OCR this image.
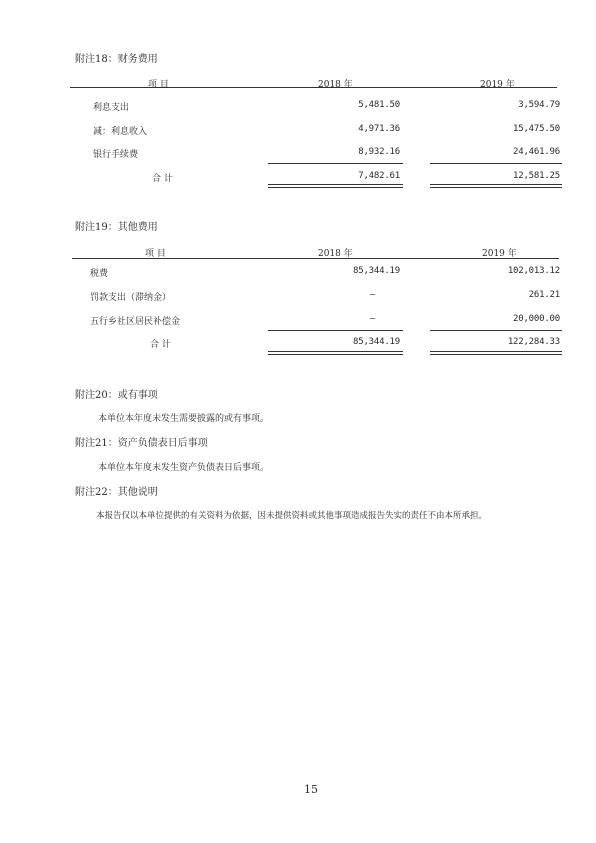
附注18：财务费用
项 目	2018 年	2019 年
利息支出	5,481.50	3,594.79
减：利息收入	4,971.36	15,475.50
银行手续费	8,932.16	24,461.96
合 计	7,482.61	12,581.25
附注19：其他费用
项 目	2018 年	2019 年
税费	85,344.19	102,013.12
罚款支出（滞纳金）	–	261.21
五行乡社区居民补偿金	–	20,000.00
合 计	85,344.19	122,284.33
附注20：或有事项
本单位本年度未发生需要披露的或有事项。
附注21：资产负债表日后事项
本单位本年度未发生资产负债表日后事项。
附注22：其他说明
本报告仅以本单位提供的有关资料为依据，因未提供资料或其他事项造成报告失实的责任不由本所承担。
15
